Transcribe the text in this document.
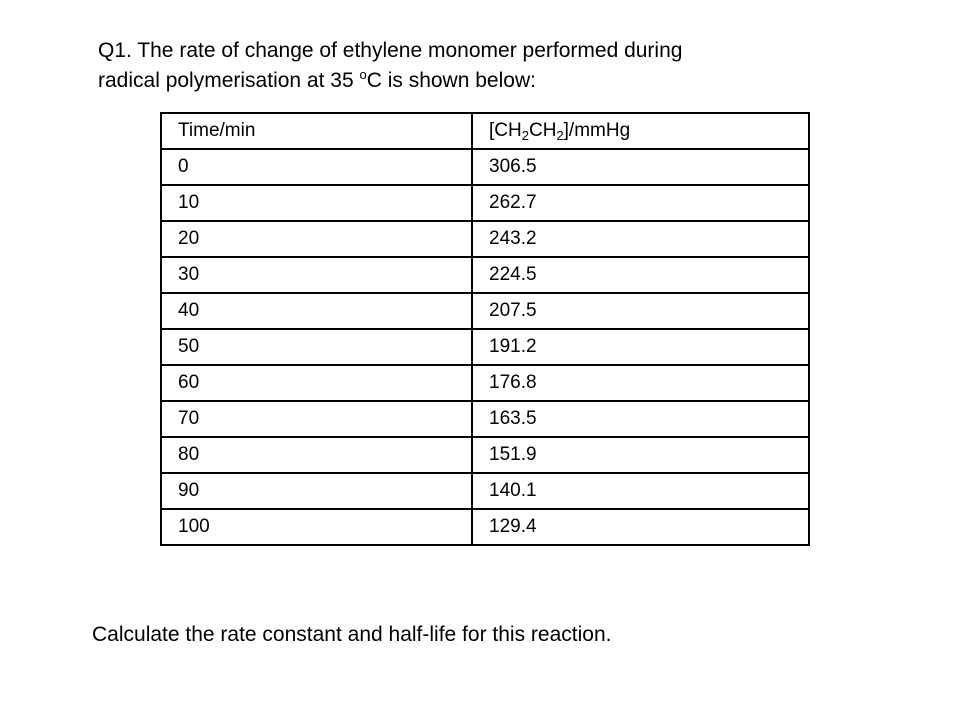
Q1. The rate of change of ethylene monomer performed during
radical polymerisation at 35 $^o$C is shown below:
Time/min	$[CH_2CH_2]$/mmHg
0	306.5
10	262.7
20	243.2
30	224.5
40	207.5
50	191.2
60	176.8
70	163.5
80	151.9
90	140.1
100	129.4

Calculate the rate constant and half-life for this reaction.
